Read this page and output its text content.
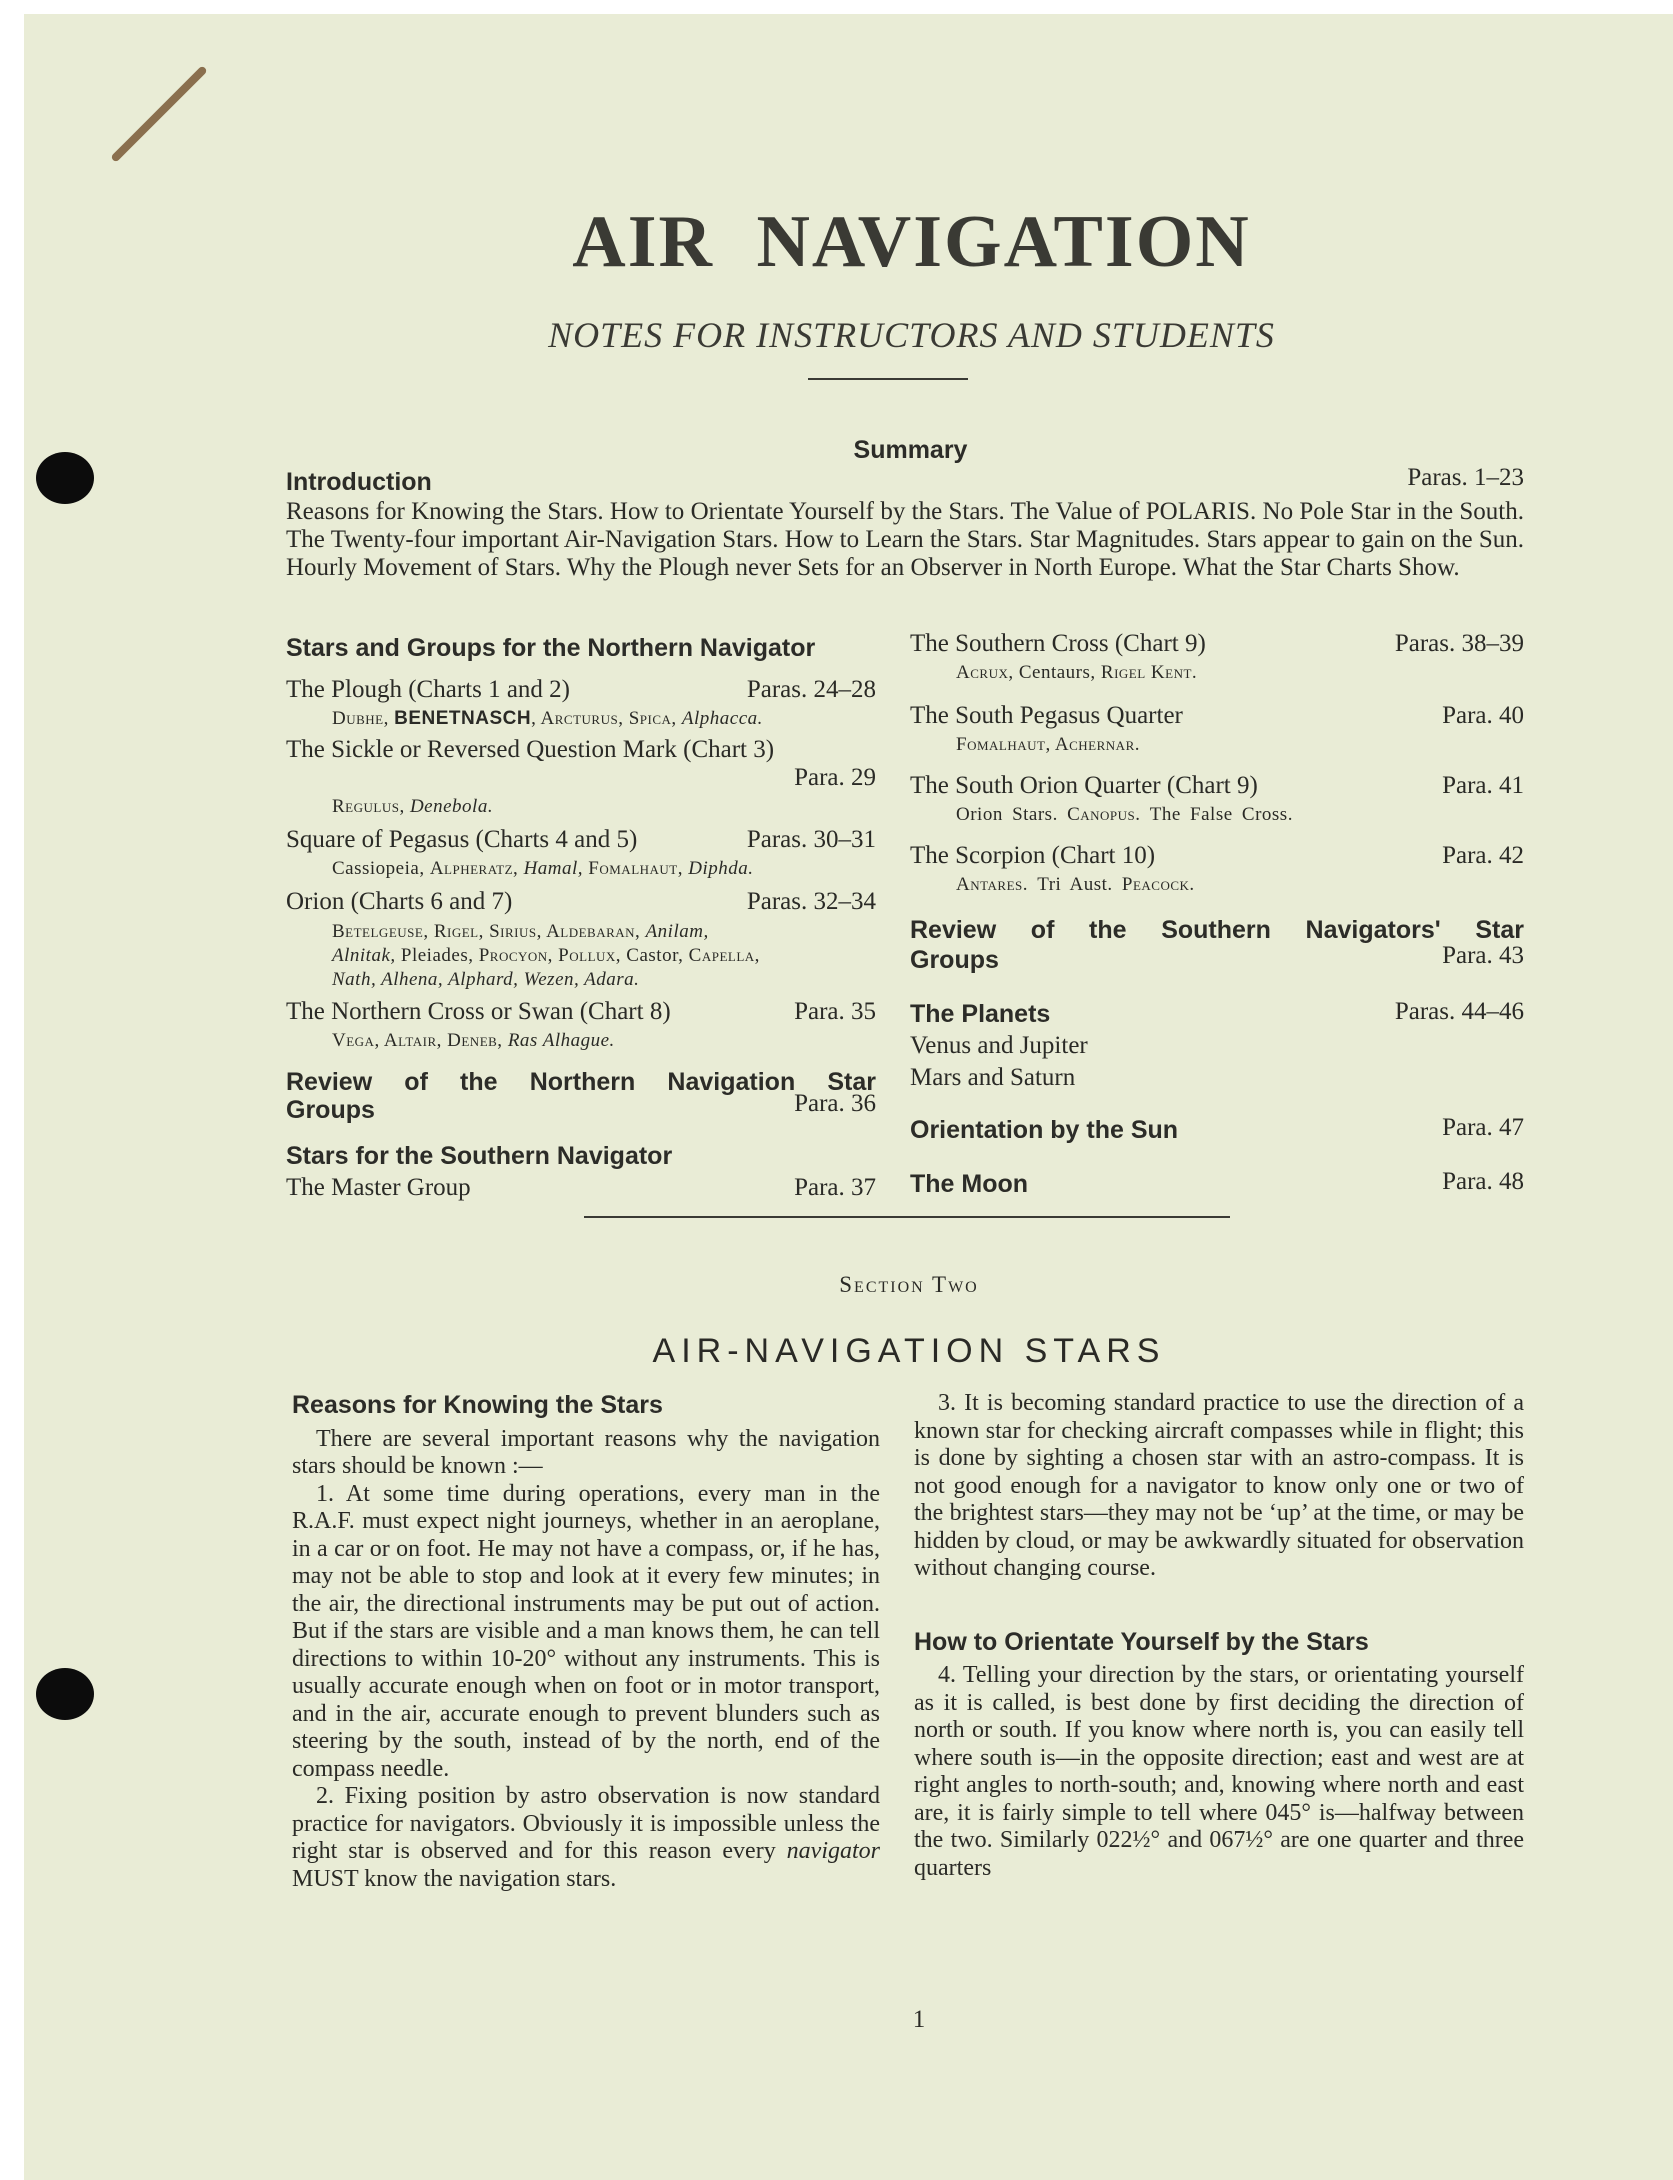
AIR NAVIGATION
NOTES FOR INSTRUCTORS AND STUDENTS
Summary
Introduction	Paras. 1–23
Reasons for Knowing the Stars. How to Orientate Yourself by the Stars. The Value of POLARIS. No Pole Star in the South. The Twenty-four important Air-Navigation Stars. How to Learn the Stars. Star Magnitudes. Stars appear to gain on the Sun. Hourly Movement of Stars. Why the Plough never Sets for an Observer in North Europe. What the Star Charts Show.
Stars and Groups for the Northern Navigator
The Plough (Charts 1 and 2)	Paras. 24–28
Dubhe, BENETNASCH, Arcturus, Spica, Alphacca.
The Sickle or Reversed Question Mark (Chart 3)
Para. 29
Regulus, Denebola.
Square of Pegasus (Charts 4 and 5)	Paras. 30–31
Cassiopeia, Alpheratz, Hamal, Fomalhaut, Diphda.
Orion (Charts 6 and 7)	Paras. 32–34
Betelgeuse, Rigel, Sirius, Aldebaran, Anilam,
Alnitak, Pleiades, Procyon, Pollux, Castor, Capella,
Nath, Alhena, Alphard, Wezen, Adara.
The Northern Cross or Swan (Chart 8)	Para. 35
Vega, Altair, Deneb, Ras Alhague.
Review of the Northern Navigation Star
Groups	Para. 36
Stars for the Southern Navigator
The Master Group	Para. 37
The Southern Cross (Chart 9)	Paras. 38–39
Acrux, Centaurs, Rigel Kent.
The South Pegasus Quarter	Para. 40
Fomalhaut, Achernar.
The South Orion Quarter (Chart 9)	Para. 41
Orion Stars. Canopus. The False Cross.
The Scorpion (Chart 10)	Para. 42
Antares. Tri Aust. Peacock.
Review of the Southern Navigators' Star
Groups	Para. 43
The Planets	Paras. 44–46
Venus and Jupiter
Mars and Saturn
Orientation by the Sun	Para. 47
The Moon	Para. 48
Section Two
AIR-NAVIGATION STARS
Reasons for Knowing the Stars

There are several important reasons why the navigation stars should be known :—

1. At some time during operations, every man in the R.A.F. must expect night journeys, whether in an aeroplane, in a car or on foot. He may not have a compass, or, if he has, may not be able to stop and look at it every few minutes; in the air, the directional instruments may be put out of action. But if the stars are visible and a man knows them, he can tell directions to within 10-20° without any instruments. This is usually accurate enough when on foot or in motor transport, and in the air, accurate enough to prevent blunders such as steering by the south, instead of by the north, end of the compass needle.

2. Fixing position by astro observation is now standard practice for navigators. Obviously it is impossible unless the right star is observed and for this reason every navigator MUST know the navigation stars.

3. It is becoming standard practice to use the direction of a known star for checking aircraft compasses while in flight; this is done by sighting a chosen star with an astro-compass. It is not good enough for a navigator to know only one or two of the brightest stars—they may not be ‘up’ at the time, or may be hidden by cloud, or may be awkwardly situated for observation without changing course.

How to Orientate Yourself by the Stars

4. Telling your direction by the stars, or orientating yourself as it is called, is best done by first deciding the direction of north or south. If you know where north is, you can easily tell where south is—in the opposite direction; east and west are at right angles to north-south; and, knowing where north and east are, it is fairly simple to tell where 045° is—halfway between the two. Similarly 022½° and 067½° are one quarter and three quarters

1
